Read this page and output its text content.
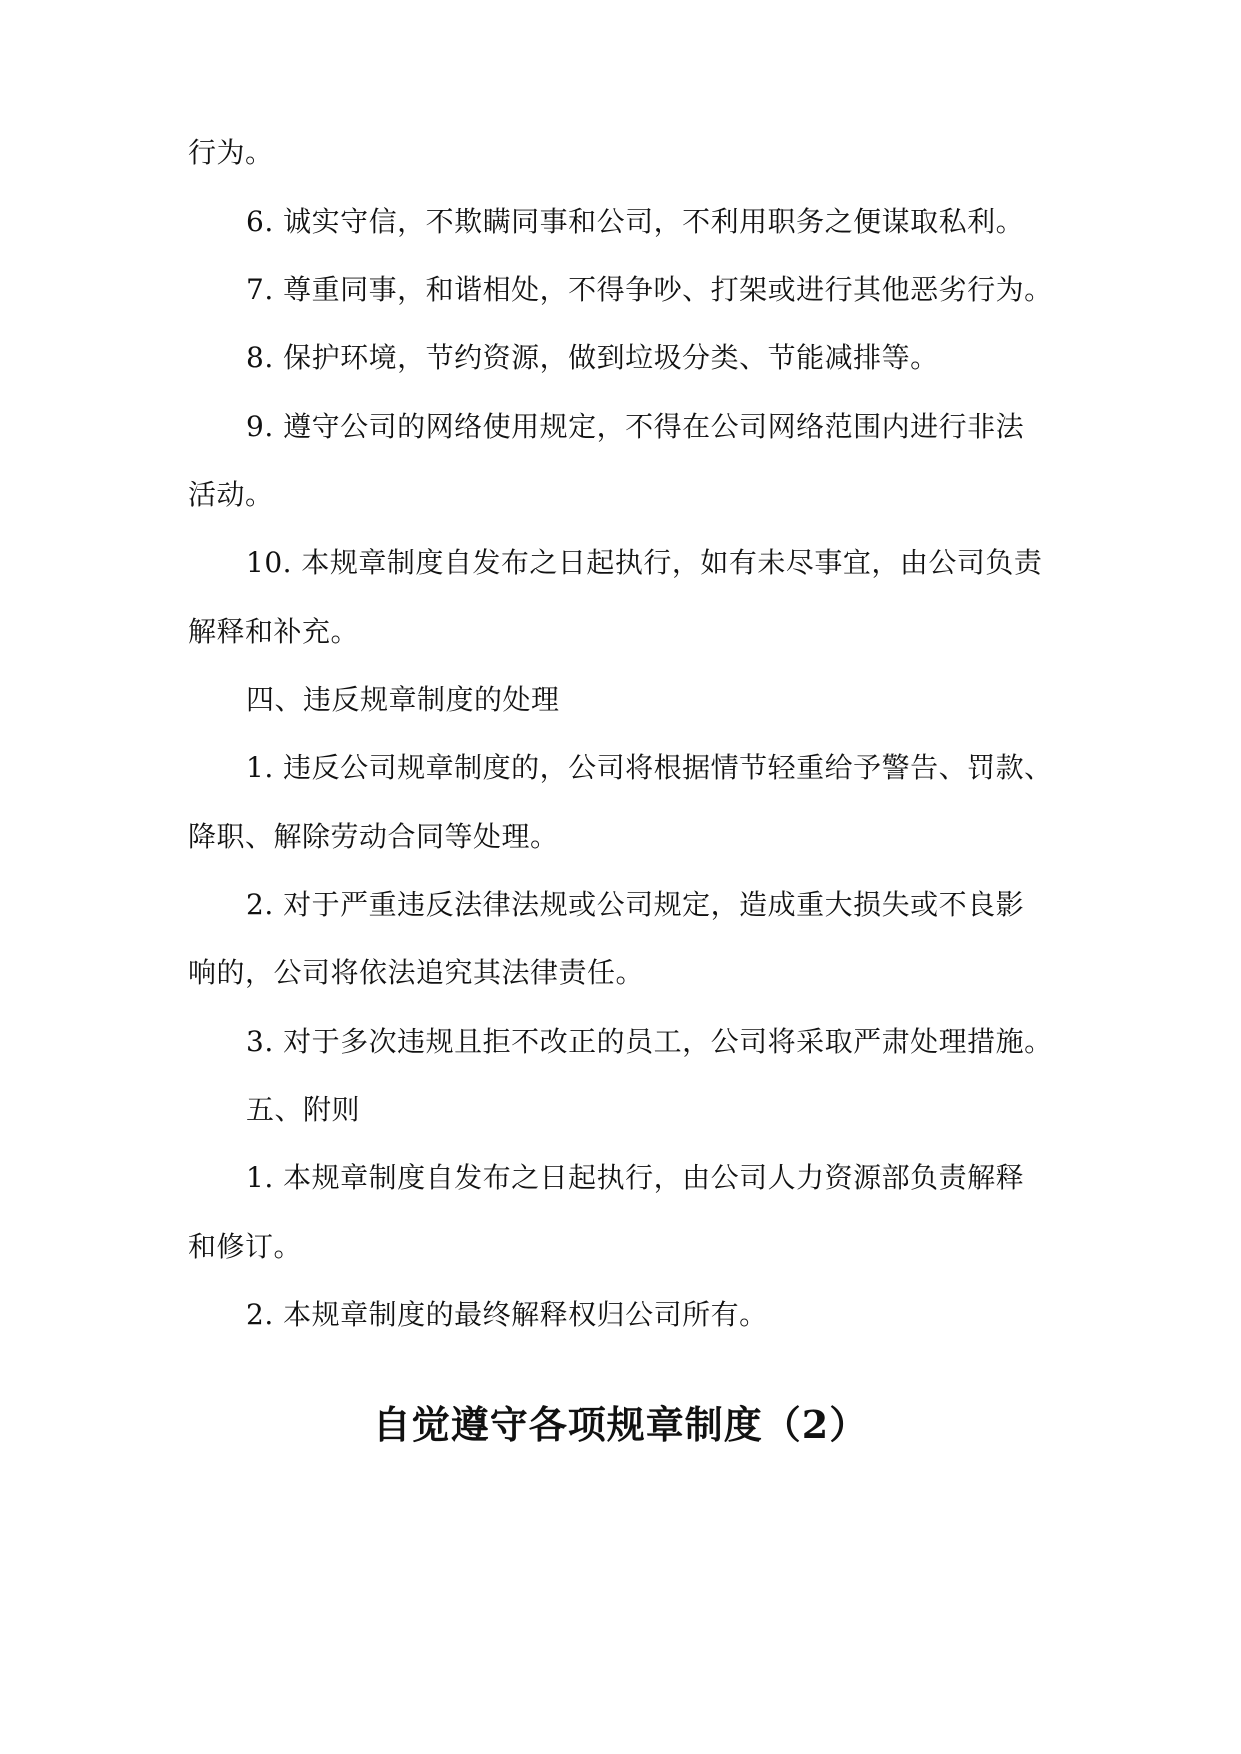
行为。
6. 诚实守信，不欺瞒同事和公司，不利用职务之便谋取私利。
7. 尊重同事，和谐相处，不得争吵、打架或进行其他恶劣行为。
8. 保护环境，节约资源，做到垃圾分类、节能减排等。
9. 遵守公司的网络使用规定，不得在公司网络范围内进行非法
活动。
10. 本规章制度自发布之日起执行，如有未尽事宜，由公司负责
解释和补充。
四、违反规章制度的处理
1. 违反公司规章制度的，公司将根据情节轻重给予警告、罚款、
降职、解除劳动合同等处理。
2. 对于严重违反法律法规或公司规定，造成重大损失或不良影
响的，公司将依法追究其法律责任。
3. 对于多次违规且拒不改正的员工，公司将采取严肃处理措施。
五、附则
1. 本规章制度自发布之日起执行，由公司人力资源部负责解释
和修订。
2. 本规章制度的最终解释权归公司所有。
自觉遵守各项规章制度（2）
